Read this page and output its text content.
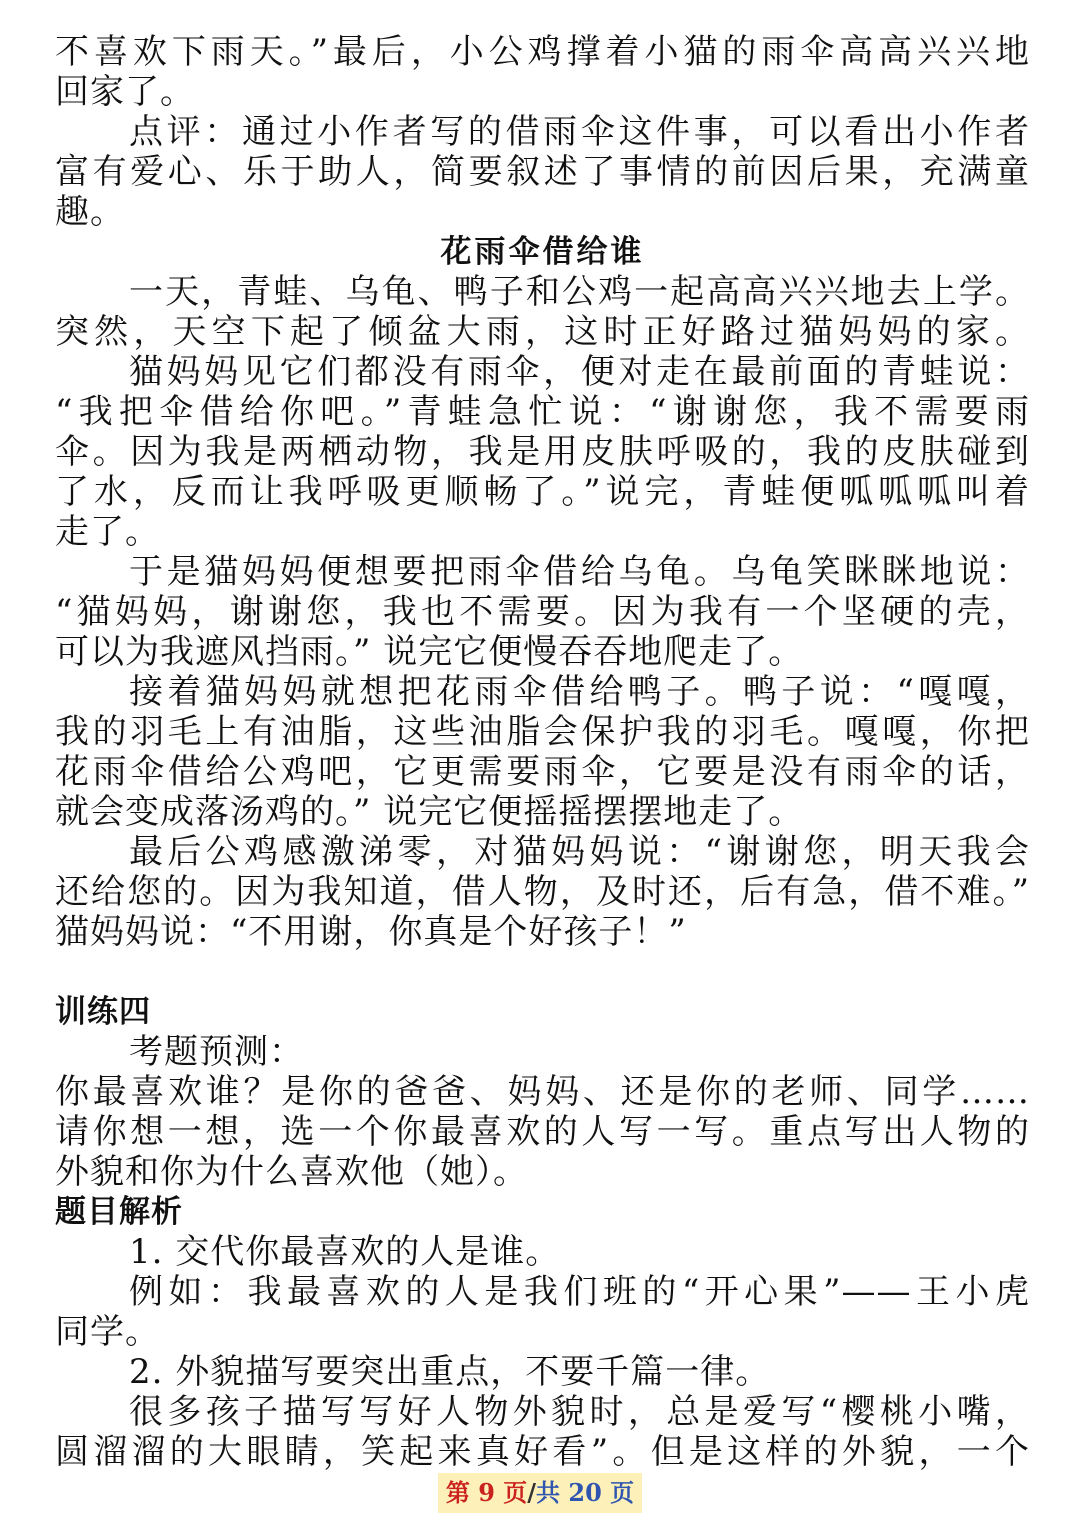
不喜欢下雨天。”最后，小公鸡撑着小猫的雨伞高高兴兴地
回家了。
点评：通过小作者写的借雨伞这件事，可以看出小作者
富有爱心、乐于助人，简要叙述了事情的前因后果，充满童
趣。
花雨伞借给谁
一天，青蛙、乌龟、鸭子和公鸡一起高高兴兴地去上学。
突然，天空下起了倾盆大雨，这时正好路过猫妈妈的家。
猫妈妈见它们都没有雨伞，便对走在最前面的青蛙说：
“我把伞借给你吧。”青蛙急忙说：“谢谢您，我不需要雨
伞。因为我是两栖动物，我是用皮肤呼吸的，我的皮肤碰到
了水，反而让我呼吸更顺畅了。”说完，青蛙便呱呱呱叫着
走了。
于是猫妈妈便想要把雨伞借给乌龟。乌龟笑眯眯地说：
“猫妈妈，谢谢您，我也不需要。因为我有一个坚硬的壳，
可以为我遮风挡雨。” 说完它便慢吞吞地爬走了。
接着猫妈妈就想把花雨伞借给鸭子。鸭子说：“嘎嘎，
我的羽毛上有油脂，这些油脂会保护我的羽毛。嘎嘎，你把
花雨伞借给公鸡吧，它更需要雨伞，它要是没有雨伞的话，
就会变成落汤鸡的。” 说完它便摇摇摆摆地走了。
最后公鸡感激涕零，对猫妈妈说：“谢谢您，明天我会
还给您的。因为我知道，借人物，及时还，后有急，借不难。”
猫妈妈说：“不用谢，你真是个好孩子！”
训练四
考题预测：
你最喜欢谁？是你的爸爸、妈妈、还是你的老师、同学……
请你想一想，选一个你最喜欢的人写一写。重点写出人物的
外貌和你为什么喜欢他（她）。
题目解析
1. 交代你最喜欢的人是谁。
例如：我最喜欢的人是我们班的“开心果”——王小虎
同学。
2. 外貌描写要突出重点，不要千篇一律。
很多孩子描写写好人物外貌时，总是爱写“樱桃小嘴，
圆溜溜的大眼睛，笑起来真好看”。但是这样的外貌，一个
第 9 页/共 20 页
